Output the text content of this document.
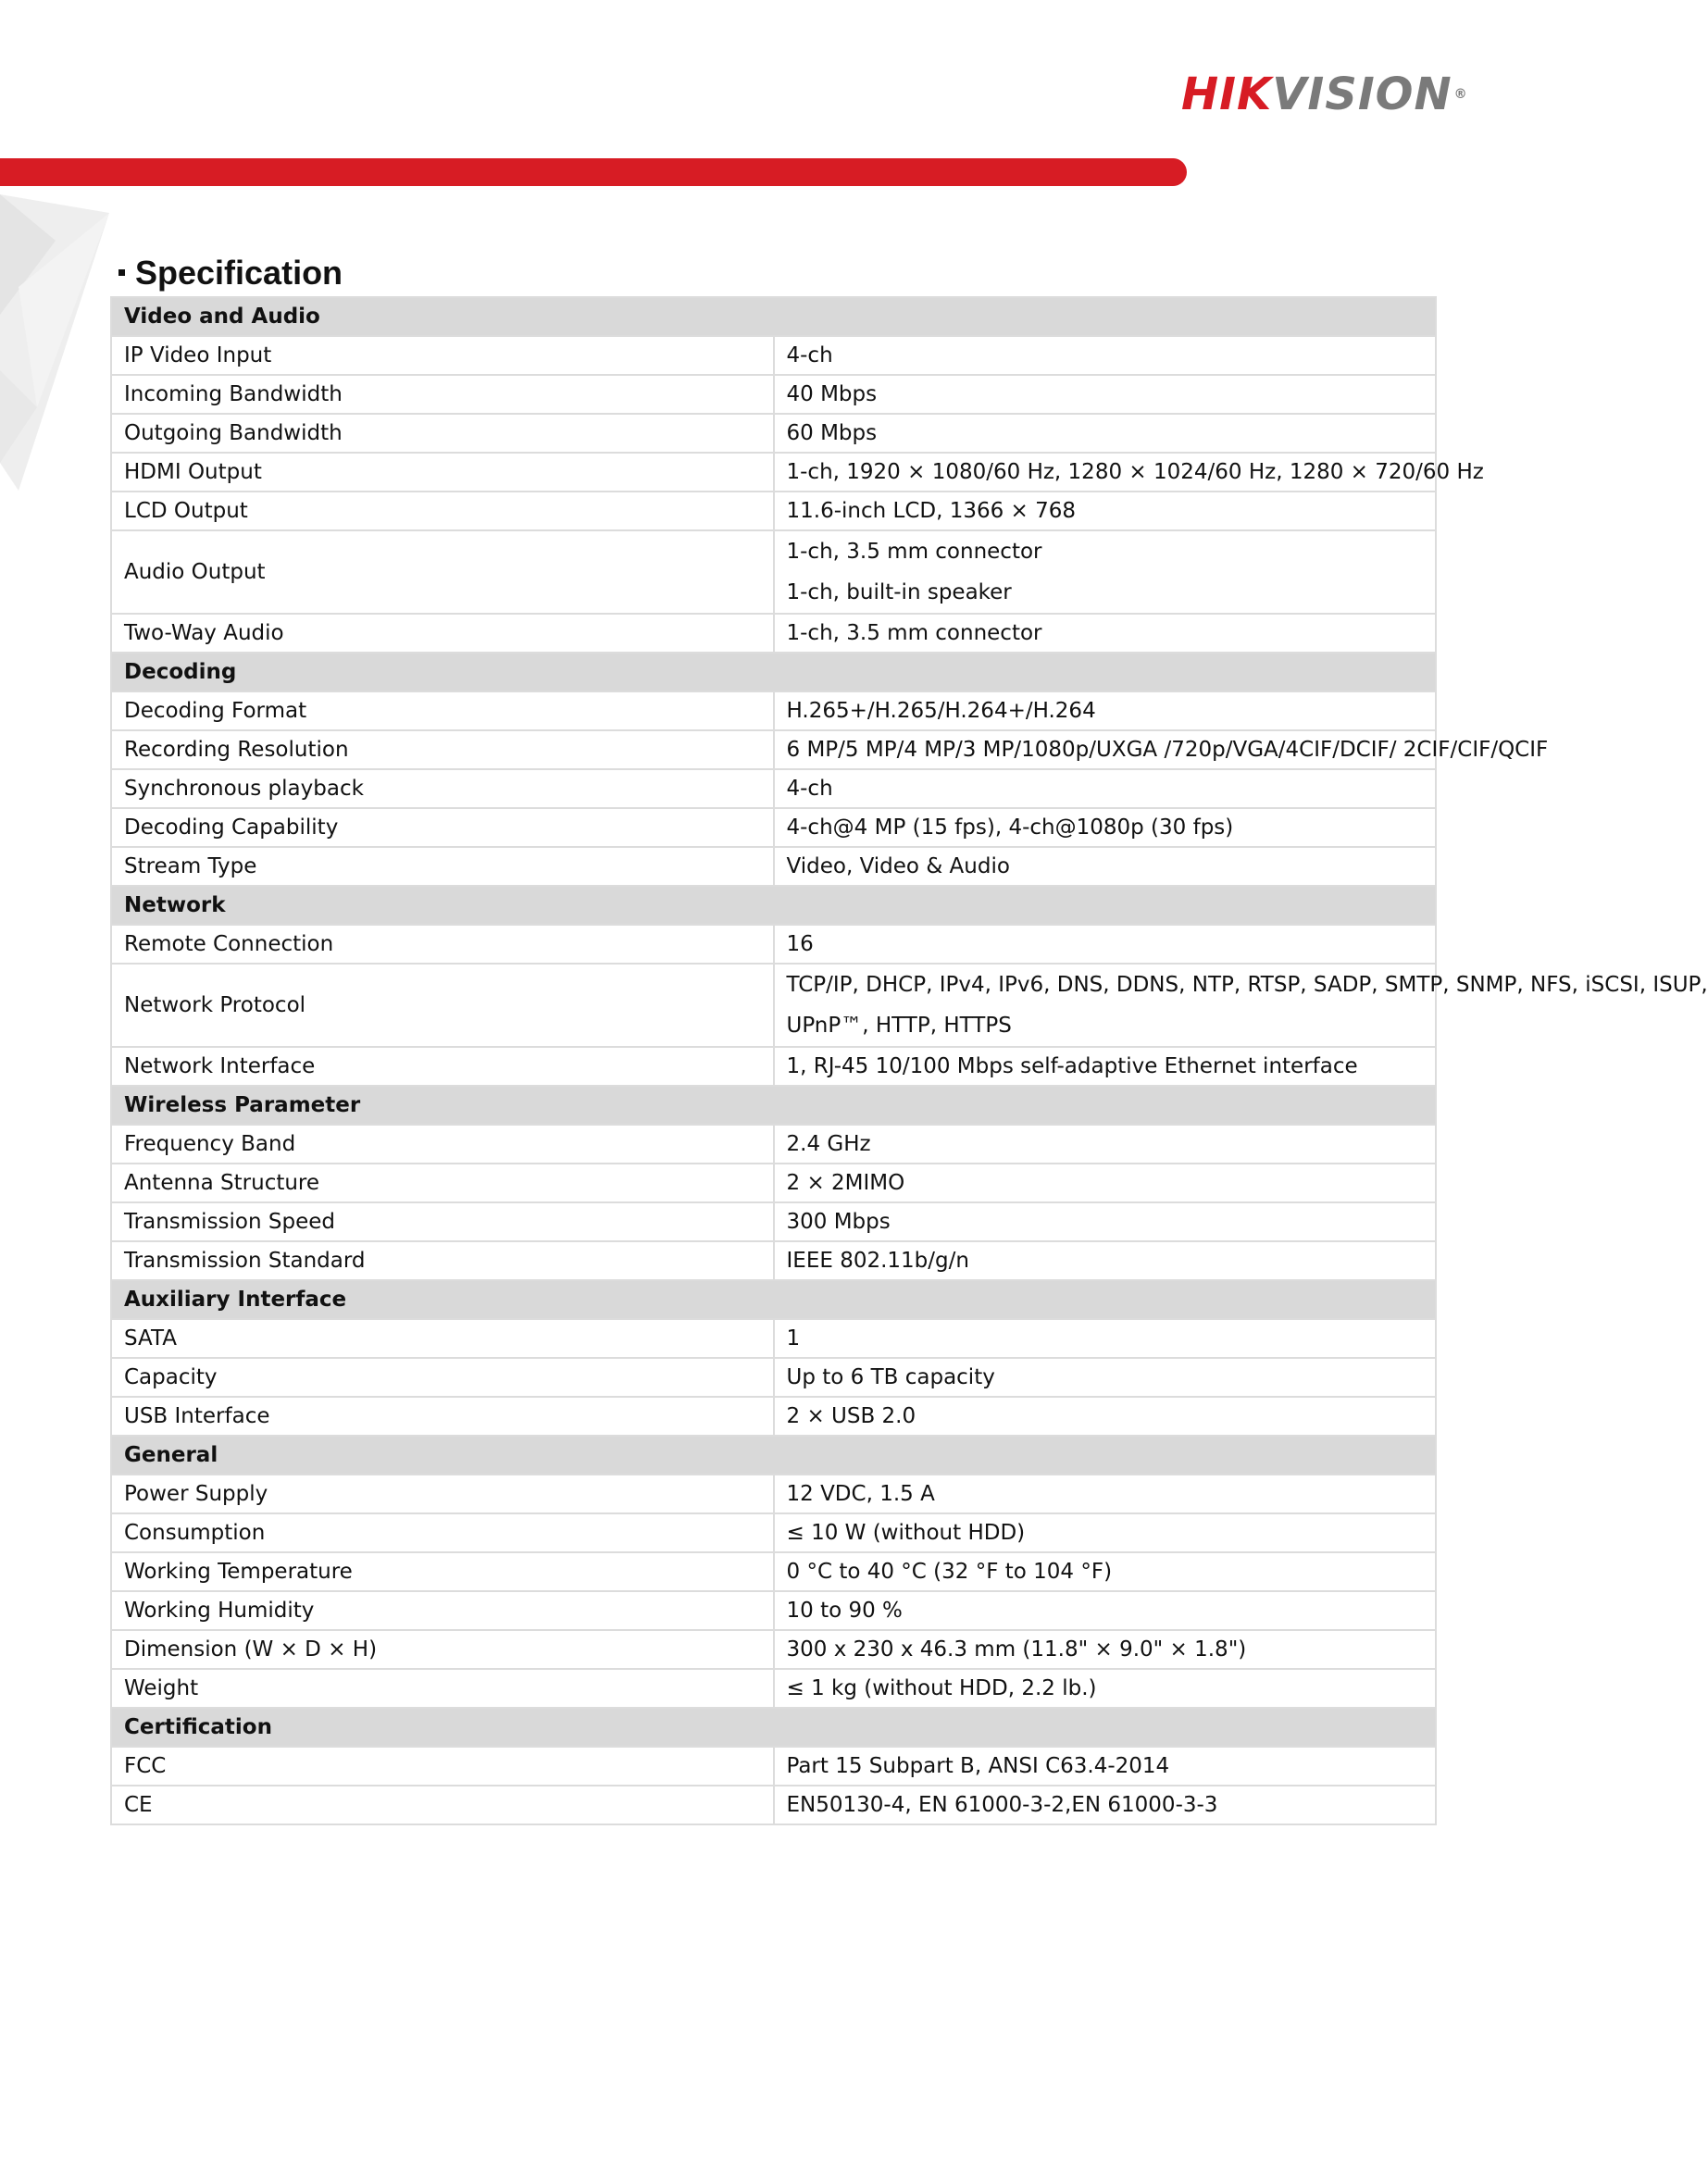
HIKVISION ®
Specification
Video and Audio	
IP Video Input	4-ch

Incoming Bandwidth	40 Mbps

Outgoing Bandwidth	60 Mbps

HDMI Output	1-ch, 1920 × 1080/60 Hz, 1280 × 1024/60 Hz, 1280 × 720/60 Hz

LCD Output	11.6-inch LCD, 1366 × 768

Audio Output	1-ch, 3.5 mm connector
1-ch, built-in speaker

Two-Way Audio	1-ch, 3.5 mm connector

Decoding	
Decoding Format	H.265+/H.265/H.264+/H.264

Recording Resolution	6 MP/5 MP/4 MP/3 MP/1080p/UXGA /720p/VGA/4CIF/DCIF/ 2CIF/CIF/QCIF

Synchronous playback	4-ch

Decoding Capability	4-ch@4 MP (15 fps), 4-ch@1080p (30 fps)

Stream Type	Video, Video & Audio

Network	
Remote Connection	16

Network Protocol	TCP/IP, DHCP, IPv4, IPv6, DNS, DDNS, NTP, RTSP, SADP, SMTP, SNMP, NFS, iSCSI, ISUP,
UPnP™, HTTP, HTTPS

Network Interface	1, RJ-45 10/100 Mbps self-adaptive Ethernet interface

Wireless Parameter	
Frequency Band	2.4 GHz

Antenna Structure	2 × 2MIMO

Transmission Speed	300 Mbps

Transmission Standard	IEEE 802.11b/g/n

Auxiliary Interface	
SATA	1

Capacity	Up to 6 TB capacity

USB Interface	2 × USB 2.0

General	
Power Supply	12 VDC, 1.5 A

Consumption	≤ 10 W (without HDD)

Working Temperature	0 °C to 40 °C (32 °F to 104 °F)

Working Humidity	10 to 90 %

Dimension (W × D × H)	300 x 230 x 46.3 mm (11.8" × 9.0" × 1.8")

Weight	≤ 1 kg (without HDD, 2.2 lb.)

Certification	
FCC	Part 15 Subpart B, ANSI C63.4-2014

CE	EN50130-4, EN 61000-3-2,EN 61000-3-3
